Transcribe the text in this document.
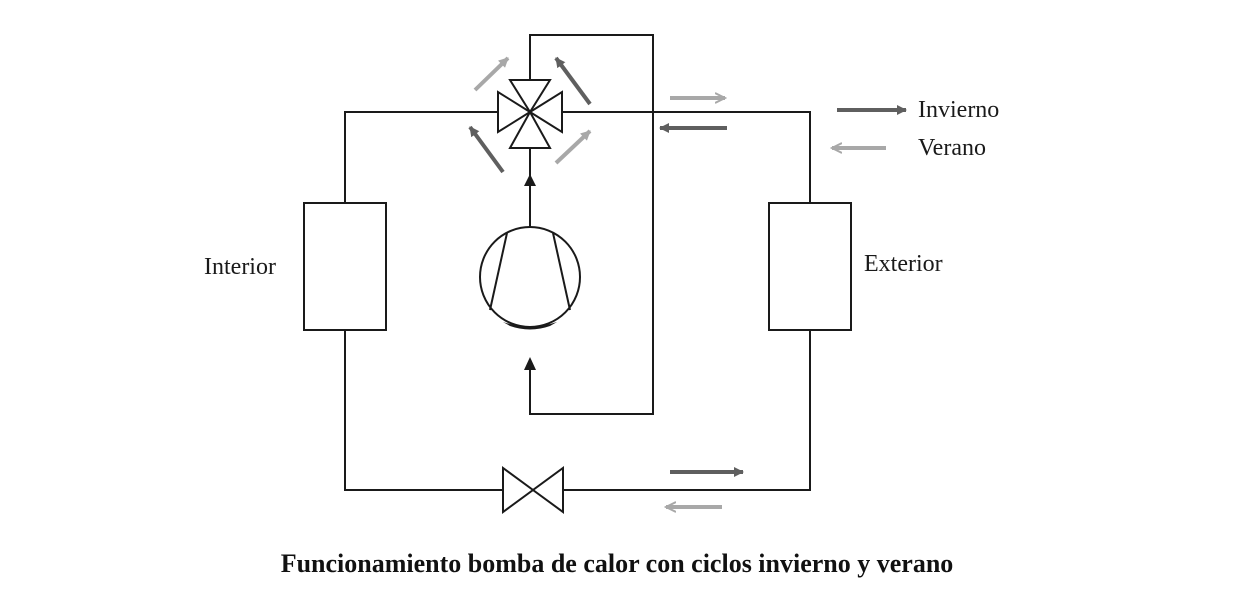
Invierno
Verano
Interior	Exterior
Funcionamiento bomba de calor con ciclos invierno y verano
